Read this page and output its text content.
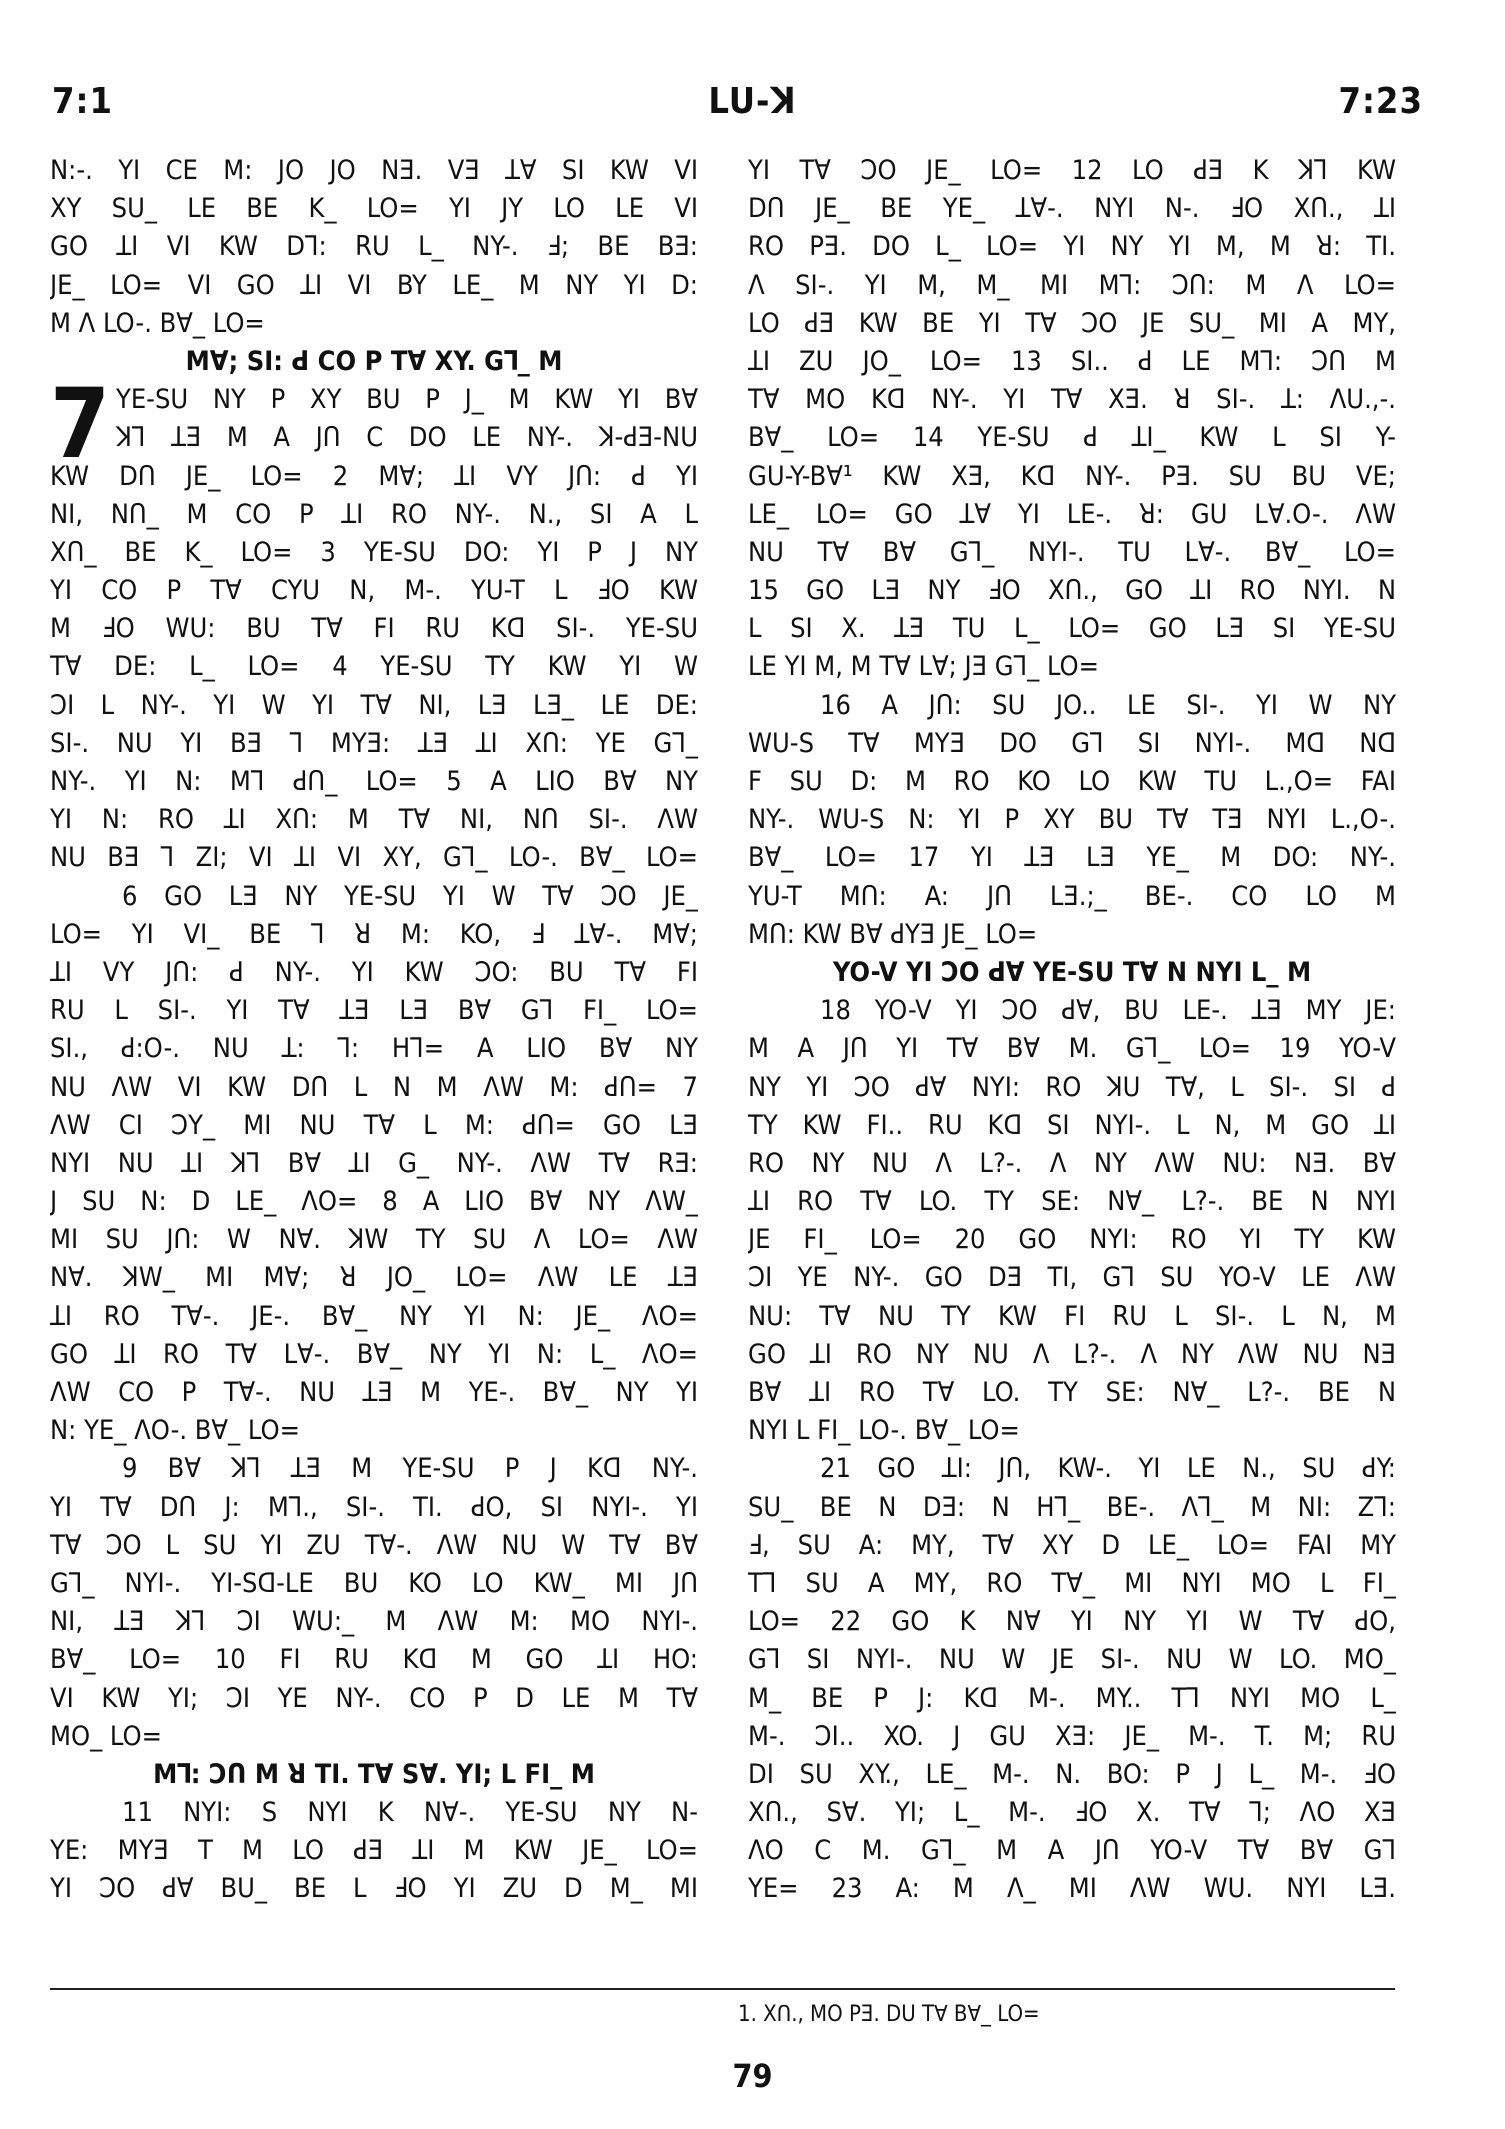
7:1	LU-ꓘ	7:23
N:-. YI CE M: JO JO NƎ. VƎ ꓕꓯ SI KW VI
XY SU_ LE BE K_ LO= YI JY LO LE VI
GO ꓕI VI KW Dꓶ: ꓣU L_ NY-. ꓞ; BE BƎ:
JE_ LO= VI GO ꓕI VI BY LE_ M NY YI D:
M Λ LO-. Bꓯ_ LO=
Mꓯ; SI: ꓒ CO P Tꓯ XY. Gꓶ_ M
7 YE-SU NY P XY BU P J_ M KW YI Bꓯ
ꓘꓶ ꓕƎ M A Jꓵ C DO LE NY-. ꓘ-ꓒƎ-NU
KW Dꓵ JE_ LO= 2 Mꓯ; ꓕI VY Jꓵ: ꓒ YI
NI, Nꓵ_ M CO P ꓕI RO NY-. N., SI A L
Xꓵ_ BE K_ LO= 3 YE-SU DO: YI P J NY
YI CO P Tꓯ CYU N, M-. YU-T L ꓞO KW
M ꓞO WU: BU Tꓯ FI ꓣU Kꓷ SI-. YE-SU
Tꓯ DE: L_ LO= 4 YE-SU TY KW YI W
ꓛI L NY-. YI W YI Tꓯ NI, LƎ LƎ_ LE DE:
SI-. NU YI BƎ ꓶ MYƎ: ꓕƎ ꓕI Xꓵ: YE Gꓶ_
NY-. YI N: Mꓶ ꓒꓵ_ LO= 5 A LIO Bꓯ NY
YI N: RO ꓕI Xꓵ: M Tꓯ NI, Nꓵ SI-. ΛW
NU BƎ ꓶ ZI; VI ꓕI VI XY, Gꓶ_ LO-. Bꓯ_ LO=
6 GO LƎ NY YE-SU YI W Tꓯ ꓛO JE_
LO= YI VI_ BE ꓶ ꓤ M: KO, ꓞ ꓕꓯ-. Mꓯ;
ꓕI VY Jꓵ: ꓒ NY-. YI KW ꓛO: BU Tꓯ FI
ꓣU L SI-. YI Tꓯ ꓕƎ LƎ Bꓯ Gꓶ FI_ LO=
SI., ꓒ:O-. NU ꓕ: ꓶ: Hꓶ= A LIO Bꓯ NY
NU ΛW VI KW Dꓵ L N M ΛW M: ꓒꓵ= 7
ΛW CI ꓛY_ MI NU Tꓯ L M: ꓒꓵ= GO LƎ
NYI NU ꓕI ꓘꓶ Bꓯ ꓕI G_ NY-. ΛW Tꓯ RƎ:
J SU N: D LE_ ΛO= 8 A LIO Bꓯ NY ΛW_
MI SU Jꓵ: W Nꓯ. ꓘW TY SU Λ LO= ΛW
Nꓯ. ꓘW_ MI Mꓯ; ꓤ JO_ LO= ΛW LE ꓕƎ
ꓕI RO Tꓯ-. JE-. Bꓯ_ NY YI N: JE_ ΛO=
GO ꓕI RO Tꓯ Lꓯ-. Bꓯ_ NY YI N: L_ ΛO=
ΛW CO P Tꓯ-. NU ꓕƎ M YE-. Bꓯ_ NY YI
N: YE_ ΛO-. Bꓯ_ LO=
9 Bꓯ ꓘꓶ ꓕƎ M YE-SU P J Kꓷ NY-.
YI Tꓯ Dꓵ J: Mꓶ., SI-. TI. ꓒO, SI NYI-. YI
Tꓯ ꓛO L SU YI ZU Tꓯ-. ΛW NU W Tꓯ Bꓯ
Gꓶ_ NYI-. YI-Sꓷ-LE BU KO LO KW_ MI Jꓵ
NI, ꓕƎ ꓘꓶ ꓛI WU:_ M ΛW M: MO NYI-.
Bꓯ_ LO= 10 FI ꓣU Kꓷ M GO ꓕI HO:
VI KW YI; ꓛI YE NY-. CO P D LE M Tꓯ
MO_ LO=
Mꓶ: ꓛꓵ M ꓤ TI. Tꓯ Sꓯ. YI; L FI_ M
11 NYI: S NYI K Nꓯ-. YE-SU NY N-
YE: MYƎ T M LO ꓒƎ ꓕI M KW JE_ LO=
YI ꓛO ꓒꓯ BU_ BE L ꓞO YI ZU D M_ MI
YI Tꓯ ꓛO JE_ LO= 12 LO ꓒƎ K ꓘꓶ KW
Dꓵ JE_ BE YE_ ꓕꓯ-. NYI N-. ꓞO Xꓵ., ꓕI
RO PƎ. DO L_ LO= YI NY YI M, M ꓤ: TI.
Λ SI-. YI M, M_ MI Mꓶ: ꓛꓵ: M Λ LO=
LO ꓒƎ KW BE YI Tꓯ ꓛO JE SU_ MI A MY,
ꓕI ZU JO_ LO= 13 SI.. ꓒ LE Mꓶ: ꓛꓵ M
Tꓯ MO Kꓷ NY-. YI Tꓯ XƎ. ꓤ SI-. ꓕ: ΛU.,-.
Bꓯ_ LO= 14 YE-SU ꓒ ꓕI_ KW L SI Y-
GU-Y-Bꓯ¹ KW XƎ, Kꓷ NY-. PƎ. SU BU VE;
LE_ LO= GO ꓕꓯ YI LE-. ꓤ: GU Lꓯ.O-. ΛW
NU Tꓯ Bꓯ Gꓶ_ NYI-. TU Lꓯ-. Bꓯ_ LO=
15 GO LƎ NY ꓞO Xꓵ., GO ꓕI RO NYI. N
L SI X. ꓕƎ TU L_ LO= GO LƎ SI YE-SU
LE YI M, M Tꓯ Lꓯ; JƎ Gꓶ_ LO=
16 A Jꓵ: SU JO.. LE SI-. YI W NY
WU-S Tꓯ MYƎ DO Gꓶ SI NYI-. Mꓷ Nꓷ
F SU D: M RO KO LO KW TU L.,O= FAI
NY-. WU-S N: YI P XY BU Tꓯ TƎ NYI L.,O-.
Bꓯ_ LO= 17 YI ꓕƎ LƎ YE_ M DO: NY-.
YU-T Mꓵ: A: Jꓵ LƎ.;_ BE-. CO LO M
Mꓵ: KW Bꓯ ꓒYƎ JE_ LO=
YO-V YI ꓛO ꓒꓯ YE-SU Tꓯ N NYI L_ M
18 YO-V YI ꓛO ꓒꓯ, BU LE-. ꓕƎ MY JE:
M A Jꓵ YI Tꓯ Bꓯ M. Gꓶ_ LO= 19 YO-V
NY YI ꓛO ꓒꓯ NYI: RO ꓘU Tꓯ, L SI-. SI ꓒ
TY KW FI.. ꓣU Kꓷ SI NYI-. L N, M GO ꓕI
RO NY NU Λ L?-. Λ NY ΛW NU: NƎ. Bꓯ
ꓕI RO Tꓯ LO. TY SE: Nꓯ_ L?-. BE N NYI
JE FI_ LO= 20 GO NYI: RO YI TY KW
ꓛI YE NY-. GO DƎ TI, Gꓶ SU YO-V LE ΛW
NU: Tꓯ NU TY KW FI ꓣU L SI-. L N, M
GO ꓕI RO NY NU Λ L?-. Λ NY ΛW NU NƎ
Bꓯ ꓕI RO Tꓯ LO. TY SE: Nꓯ_ L?-. BE N
NYI L FI_ LO-. Bꓯ_ LO=
21 GO ꓕI: Jꓵ, KW-. YI LE N., SU ꓒY:
SU_ BE N DƎ: N Hꓶ_ BE-. Λꓶ_ M NI: Zꓶ:
ꓞ, SU A: MY, Tꓯ XY D LE_ LO= FAI MY
Tꓶ SU A MY, RO Tꓯ_ MI NYI MO L FI_
LO= 22 GO K Nꓯ YI NY YI W Tꓯ ꓒO,
Gꓶ SI NYI-. NU W JE SI-. NU W LO. MO_
M_ BE P J: Kꓷ M-. MY.. Tꓶ NYI MO L_
M-. ꓛI.. XO. J GU XƎ: JE_ M-. T. M; ꓣU
DI SU XY., LE_ M-. N. BO: P J L_ M-. ꓞO
Xꓵ., Sꓯ. YI; L_ M-. ꓞO X. Tꓯ ꓶ; ΛO XƎ
ΛO C M. Gꓶ_ M A Jꓵ YO-V Tꓯ Bꓯ Gꓶ
YE= 23 A: M Λ_ MI ΛW WU. NYI LƎ.
1. Xꓵ., MO PƎ. DU Tꓯ Bꓯ_ LO=
79
